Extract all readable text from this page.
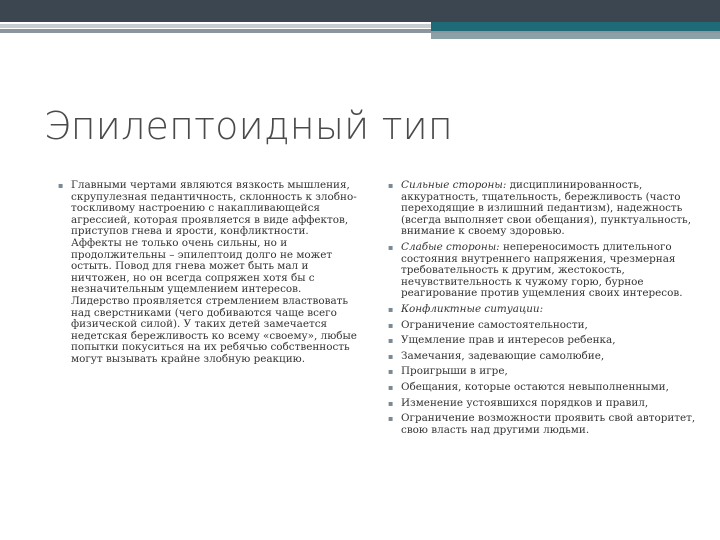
Эпилептоидный тип
▪ Главными чертами являются вязкость мышления, скрупулезная педантичность, склонность к злобно-тоскливому настроению с накапливающейся агрессией, которая проявляется в виде аффектов, приступов гнева и ярости, конфликтности. Аффекты не только очень сильны, но и продолжительны – эпилептоид долго не может остыть. Повод для гнева может быть мал и ничтожен, но он всегда сопряжен хотя бы с незначительным ущемлением интересов. Лидерство проявляется стремлением властвовать над сверстниками (чего добиваются чаще всего физической силой). У таких детей замечается недетская бережливость ко всему «своему», любые попытки покуситься на их ребячью собственность могут вызывать крайне злобную реакцию.
▪ Сильные стороны: дисциплинированность, аккуратность, тщательность, бережливость (часто переходящие в излишний педантизм), надежность (всегда выполняет свои обещания), пунктуальность, внимание к своему здоровью.
▪ Слабые стороны: непереносимость длительного состояния внутреннего напряжения, чрезмерная требовательность к другим, жестокость, нечувствительность к чужому горю, бурное реагирование против ущемления своих интересов.
▪ Конфликтные ситуации:
▪ Ограничение самостоятельности,
▪ Ущемление прав и интересов ребенка,
▪ Замечания, задевающие самолюбие,
▪ Проигрыши в игре,
▪ Обещания, которые остаются невыполненными,
▪ Изменение устоявшихся порядков и правил,
▪ Ограничение возможности проявить свой авторитет, свою власть над другими людьми.
